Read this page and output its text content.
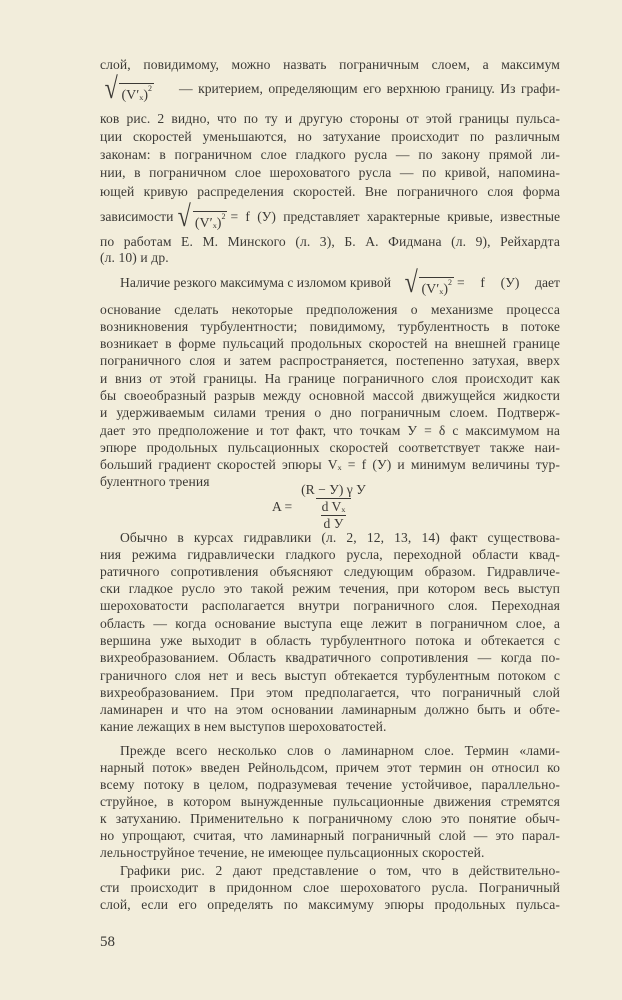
слой, повидимому, можно назвать пограничным слоем, а максимум
ков рис. 2 видно, что по ту и другую стороны от этой границы пульса-
ции скоростей уменьшаются, но затухание происходит по различным
законам: в пограничном слое гладкого русла — по закону прямой ли-
нии, в пограничном слое шероховатого русла — по кривой, напомина-
ющей кривую распределения скоростей. Вне пограничного слоя форма
по работам Е. М. Минского (л. 3), Б. А. Фидмана (л. 9), Рейхардта
(л. 10) и др.
основание сделать некоторые предположения о механизме процесса
возникновения турбулентности; повидимому, турбулентность в потоке
возникает в форме пульсаций продольных скоростей на внешней границе
пограничного слоя и затем распространяется, постепенно затухая, вверх
и вниз от этой границы. На границе пограничного слоя происходит как
бы своеобразный разрыв между основной массой движущейся жидкости
и удерживаемым силами трения о дно пограничным слоем. Подтверж-
дает это предположение и тот факт, что точкам У = δ с максимумом на
эпюре продольных пульсационных скоростей соответствует также наи-
больший градиент скоростей эпюры Vₓ = f (У) и минимум величины тур-
булентного трения
Обычно в курсах гидравлики (л. 2, 12, 13, 14) факт существова-
ния режима гидравлически гладкого русла, переходной области квад-
ратичного сопротивления объясняют следующим образом. Гидравличе-
ски гладкое русло это такой режим течения, при котором весь выступ
шероховатости располагается внутри пограничного слоя. Переходная
область — когда основание выступа еще лежит в пограничном слое, а
вершина уже выходит в область турбулентного потока и обтекается с
вихреобразованием. Область квадратичного сопротивления — когда по-
граничного слоя нет и весь выступ обтекается турбулентным потоком с
вихреобразованием. При этом предполагается, что пограничный слой
ламинарен и что на этом основании ламинарным должно быть и обте-
кание лежащих в нем выступов шероховатостей.
Прежде всего несколько слов о ламинарном слое. Термин «лами-
нарный поток» введен Рейнольдсом, причем этот термин он относил ко
всему потоку в целом, подразумевая течение устойчивое, параллельно-
струйное, в котором вынужденные пульсационные движения стремятся
к затуханию. Применительно к пограничному слою это понятие обыч-
но упрощают, считая, что ламинарный пограничный слой — это парал-
лельноструйное течение, не имеющее пульсационных скоростей.
Графики рис. 2 дают представление о том, что в действительно-
сти происходит в придонном слое шероховатого русла. Пограничный
слой, если его определять по максимуму эпюры продольных пульса-
√ $(V'_x)^2$ — критерием, определяющим его верхнюю границу. Из графи-
зависимости √ $(V'_x)^2 = f$ (У) представляет характерные кривые, известные
Наличие резкого максимума с изломом кривой √ $(V'_x)^2 = f$ (У) дает
$A = \frac{\text{(R − У) γ У}}{\frac{\text{d Vₓ}}{\text{d У}}}$
58
